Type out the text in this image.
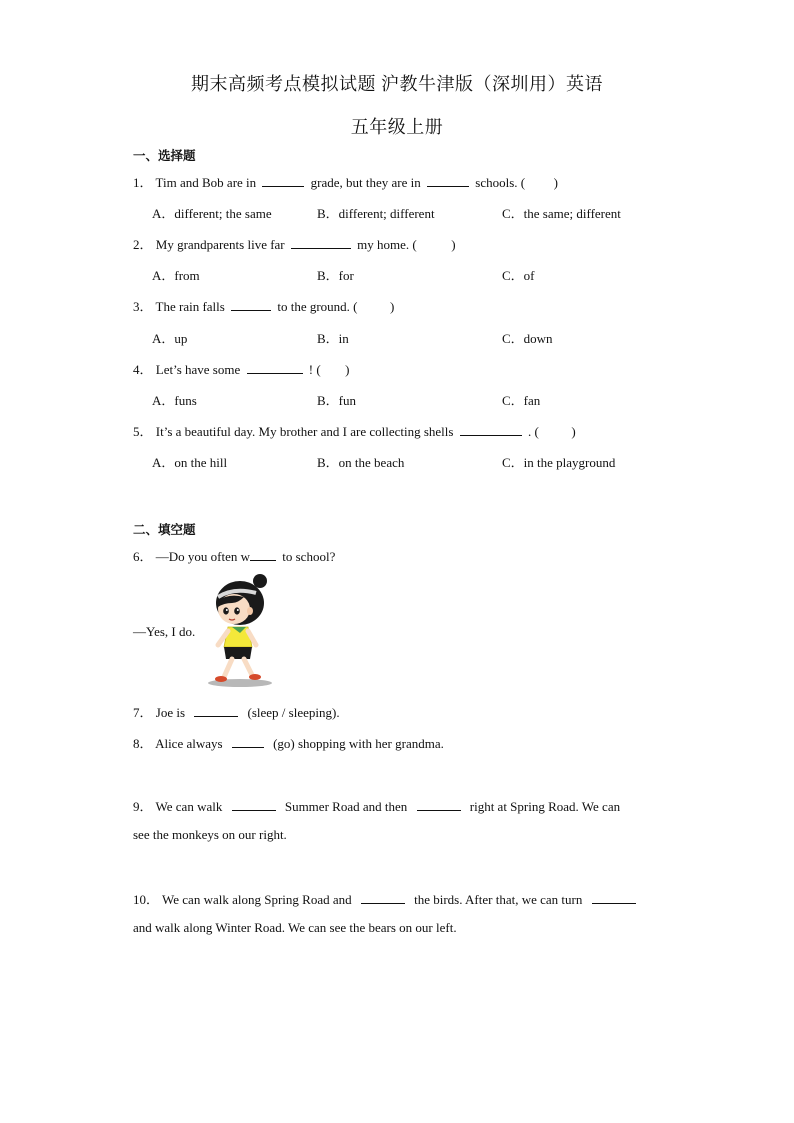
期末高频考点模拟试题 沪教牛津版（深圳用）英语
五年级上册
一、选择题
1． Tim and Bob are in	grade, but they are in	schools. ( )
A．different; the same	B．different; different	C．the same; different
2． My grandparents live far	my home. (	)
A．from	B．for	C．of
3． The rain falls	to the ground. (	)
A．up	B．in	C．down
4． Let’s have some	! ( )
A．funs	B．fun	C．fan
5． It’s a beautiful day. My brother and I are collecting shells	. (	)
A．on the hill	B．on the beach	C．in the playground
二、填空题
6． —Do you often w to school?
—Yes, I do.
7． Joe is	(sleep / sleeping).
8． Alice always	(go) shopping with her grandma.
9． We can walk	Summer Road and then	right at Spring Road. We can
see the monkeys on our right.
10． We can walk along Spring Road and	the birds. After that, we can turn
and walk along Winter Road. We can see the bears on our left.
